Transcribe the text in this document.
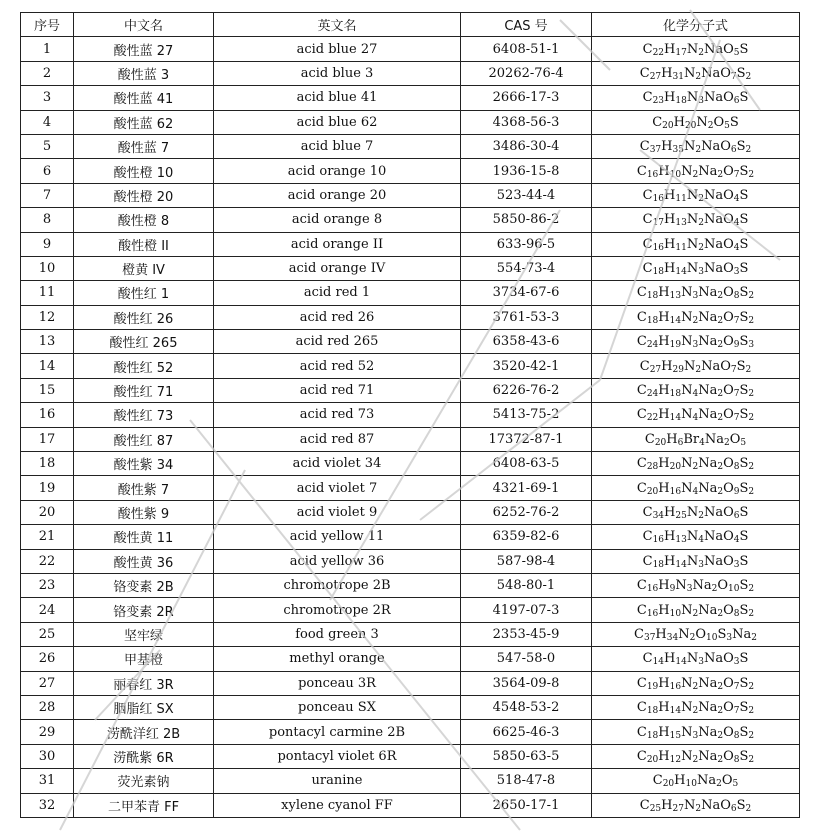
序号	中文名	英文名	CAS 号	化学分子式
1	酸性蓝 27	acid blue 27	6408-51-1	$C_{22}H_{17}N_2NaO_5S$
2	酸性蓝 3	acid blue 3	20262-76-4	$C_{27}H_{31}N_2NaO_7S_2$
3	酸性蓝 41	acid blue 41	2666-17-3	$C_{23}H_{18}N_3NaO_6S$
4	酸性蓝 62	acid blue 62	4368-56-3	$C_{20}H_{20}N_2O_5S$
5	酸性蓝 7	acid blue 7	3486-30-4	$C_{37}H_{35}N_2NaO_6S_2$
6	酸性橙 10	acid orange 10	1936-15-8	$C_{16}H_{10}N_2Na_2O_7S_2$
7	酸性橙 20	acid orange 20	523-44-4	$C_{16}H_{11}N_2NaO_4S$
8	酸性橙 8	acid orange 8	5850-86-2	$C_{17}H_{13}N_2NaO_4S$
9	酸性橙 II	acid orange II	633-96-5	$C_{16}H_{11}N_2NaO_4S$
10	橙黄 IV	acid orange IV	554-73-4	$C_{18}H_{14}N_3NaO_3S$
11	酸性红 1	acid red 1	3734-67-6	$C_{18}H_{13}N_3Na_2O_8S_2$
12	酸性红 26	acid red 26	3761-53-3	$C_{18}H_{14}N_2Na_2O_7S_2$
13	酸性红 265	acid red 265	6358-43-6	$C_{24}H_{19}N_3Na_2O_9S_3$
14	酸性红 52	acid red 52	3520-42-1	$C_{27}H_{29}N_2NaO_7S_2$
15	酸性红 71	acid red 71	6226-76-2	$C_{24}H_{18}N_4Na_2O_7S_2$
16	酸性红 73	acid red 73	5413-75-2	$C_{22}H_{14}N_4Na_2O_7S_2$
17	酸性红 87	acid red 87	17372-87-1	$C_{20}H_6Br_4Na_2O_5$
18	酸性紫 34	acid violet 34	6408-63-5	$C_{28}H_{20}N_2Na_2O_8S_2$
19	酸性紫 7	acid violet 7	4321-69-1	$C_{20}H_{16}N_4Na_2O_9S_2$
20	酸性紫 9	acid violet 9	6252-76-2	$C_{34}H_{25}N_2NaO_6S$
21	酸性黄 11	acid yellow 11	6359-82-6	$C_{16}H_{13}N_4NaO_4S$
22	酸性黄 36	acid yellow 36	587-98-4	$C_{18}H_{14}N_3NaO_3S$
23	铬变素 2B	chromotrope 2B	548-80-1	$C_{16}H_9N_3Na_2O_{10}S_2$
24	铬变素 2R	chromotrope 2R	4197-07-3	$C_{16}H_{10}N_2Na_2O_8S_2$
25	坚牢绿	food green 3	2353-45-9	$C_{37}H_{34}N_2O_{10}S_3Na_2$
26	甲基橙	methyl orange	547-58-0	$C_{14}H_{14}N_3NaO_3S$
27	丽春红 3R	ponceau 3R	3564-09-8	$C_{19}H_{16}N_2Na_2O_7S_2$
28	胭脂红 SX	ponceau SX	4548-53-2	$C_{18}H_{14}N_2Na_2O_7S_2$
29	涝酰洋红 2B	pontacyl carmine 2B	6625-46-3	$C_{18}H_{15}N_3Na_2O_8S_2$
30	涝酰紫 6R	pontacyl violet 6R	5850-63-5	$C_{20}H_{12}N_2Na_2O_8S_2$
31	荧光素钠	uranine	518-47-8	$C_{20}H_{10}Na_2O_5$
32	二甲苯青 FF	xylene cyanol FF	2650-17-1	$C_{25}H_{27}N_2NaO_6S_2$
